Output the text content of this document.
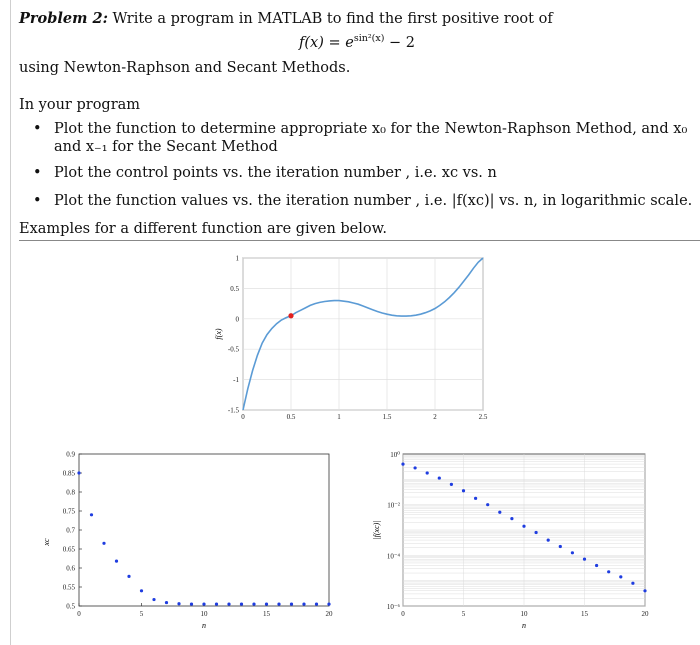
Problem 2: Write a program in MATLAB to find the first positive root of
$f(x) = e^{sin^2(x)} - 2$
using Newton-Raphson and Secant Methods.
In your program
• Plot the function to determine appropriate x₀ for the Newton-Raphson Method, and x₀ and x₋₁ for the Secant Method
• Plot the control points vs. the iteration number , i.e. xc vs. n
• Plot the function values vs. the iteration number , i.e. |f(xc)| vs. n, in logarithmic scale.
Examples for a different function are given below.
0	0.5	1	1.5	2	2.5
-1.5
-1
-0.5
0
0.5
1
f(x)
0.5
0.55
0.6
0.65
0.7
0.75
0.8
0.85
0.9
0	5	10	15	20
n
xc
0	5	10	15	20
10⁰
10⁻²
10⁻⁴
10⁻⁶
n
|f(xc)|
